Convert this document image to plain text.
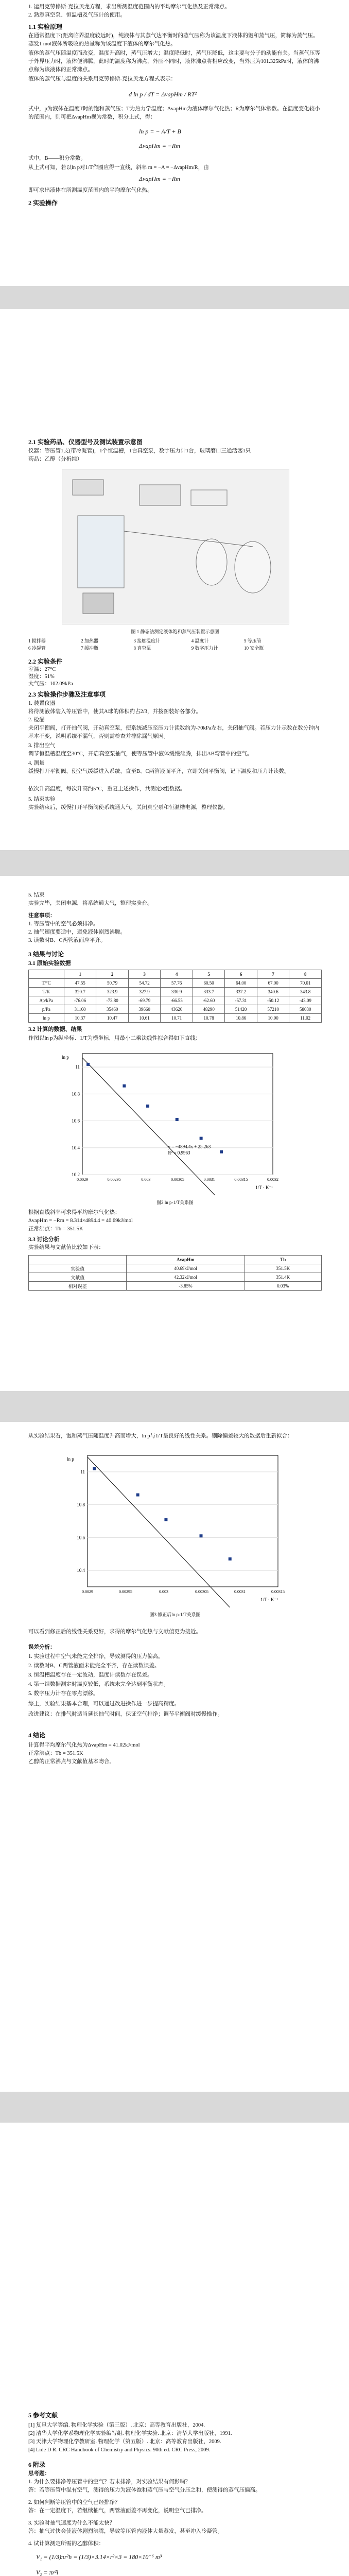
1. 运用克劳修斯-克拉贝龙方程，求出所测温度范围内的平均摩尔气化热及正常沸点。
2. 熟悉真空泵、恒温槽及气压计的使用。
1.1 实验原理
在通常温度下(距离临界温度较远时)，纯液体与其蒸气达平衡时的蒸气压称为该温度下液体的饱和蒸气压，简称为蒸气压。蒸发1 mol液体所吸收的热量称为该温度下液体的摩尔气化热。
液体的蒸气压随温度而改变，温度升高时，蒸气压增大；温度降低时，蒸气压降低，这主要与分子的动能有关。当蒸气压等于外界压力时，液体便沸腾，此时的温度称为沸点，外压不同时，液体沸点将相应改变，当外压为101.325kPa时，液体的沸点称为该液体的正常沸点。
液体的蒸气压与温度的关系用克劳修斯-克拉贝龙方程式表示：
d ln p / dT = ΔvapHm / RT²
式中，p为液体在温度T时的饱和蒸气压；T为热力学温度；ΔvapHm为液体摩尔气化热；R为摩尔气体常数。在温度变化较小的范围内，则可把ΔvapHm视为常数，积分上式，得：
ln p = − A/T + B
ΔvapHm = −Rm
式中，B——积分常数。
从上式可知，若以ln p对1/T作图应得一直线，斜率 m = −A = −ΔvapHm/R，由
ΔvapHm = −Rm
即可求出液体在所测温度范围内的平均摩尔气化热。
2 实验操作
2.1 实验药品、仪器型号及测试装置示意图
仪器：等压管1支(带冷凝管)，1个恒温槽，1台真空泵，数字压力计1台，玻璃磨口三通活塞1只
药品：乙醇（分析纯）
图 1 静态法测定液体饱和蒸气压装置示意图
1 搅拌器	2 加热器	3 接触温度计	4 温度计	5 等压管
6 冷凝管	7 缓冲瓶	8 真空泵	9 数字压力计	10 安全瓶
2.2 实验条件
室温：27°C
湿度：51%
大气压：102.09kPa
2.3 实验操作步骤及注意事项
1. 装置仪器
将待测液体装入等压管中，使其A球的体积约占2/3，并按图装好各部分。
2. 检漏
关闭平衡阀，打开抽气阀，开动真空泵，使系统减压至压力计读数约为-70kPa左右，关闭抽气阀。若压力计示数在数分钟内基本不变，说明系统不漏气，否则需检查并排除漏气原因。
3. 排出空气
调节恒温槽温度至30°C，开启真空泵抽气，使等压管中液体缓慢沸腾，排出AB弯管中的空气。
4. 测量
缓慢打开平衡阀，使空气缓缓进入系统，直至B、C两管液面平齐，立即关闭平衡阀，记下温度和压力计读数。
依次升高温度，每次升高约5°C，重复上述操作，共测定8组数据。
5. 结束实验
实验结束后，缓慢打开平衡阀使系统通大气，关闭真空泵和恒温槽电源，整理仪器。
5. 结束
实验完毕，关闭电源，将系统通大气，整理实验台。
注意事项：
1. 等压管中的空气必须排净。
2. 抽气速度要适中，避免液体剧烈沸腾。
3. 读数时B、C两管液面应平齐。
3 结果与讨论
3.1 原始实验数据
	1	2	3	4	5	6	7	8
T/°C	47.55	50.79	54.72	57.76	60.50	64.00	67.00	70.01
T/K	320.7	323.9	327.9	330.9	333.7	337.2	340.6	343.8
Δp/kPa	-76.06	-73.80	-69.79	-66.55	-62.60	-57.31	-50.12	-43.09
p/Pa	31160	35460	39660	43620	48290	51420	57210	58030
ln p	10.37	10.47	10.61	10.71	10.78	10.86	10.90	11.02
3.2 计算的数据、结果
作图以ln p为纵坐标、1/T为横坐标，用最小二乘法线性拟合得如下直线：
10.2
10.4
10.6
10.8
11
0.0029	0.00295	0.003	0.00305	0.0031	0.00315	0.0032
y = −4894.4x + 25.263
R² = 0.9963
1/T · K⁻¹
ln p
图2 ln p-1/T关系图
根据直线斜率可求得平均摩尔气化热：
ΔvapHm = −Rm = 8.314×4894.4 = 40.69kJ/mol
正常沸点：Tb = 351.5K
3.3 讨论分析
实验结果与文献值比较如下表：
	ΔvapHm	Tb
实验值	40.69kJ/mol	351.5K
文献值	42.32kJ/mol	351.4K
相对误差	-3.85%	0.03%
从实验结果看，饱和蒸气压随温度升高而增大，ln p与1/T呈良好的线性关系。剔除偏差较大的数据后重新拟合：
10.4
10.6
10.8
11
0.0029	0.00295	0.003	0.00305	0.0031	0.00315
1/T · K⁻¹
ln p
图3 修正后ln p-1/T关系图
可以看到修正后的线性关系更好，求得的摩尔气化热与文献值更为接近。
误差分析：
1. 实验过程中空气未能完全排净，导致测得的压力偏高。
2. 读数时B、C两管液面未能完全平齐，存在读数误差。
3. 恒温槽温度存在一定波动，温度计读数存在误差。
4. 第一组数据测定时温度较低，系统未完全达到平衡状态。
5. 数字压力计存在零点漂移。
综上，实验结果基本合理，可以通过改进操作进一步提高精度。
改进建议：在排气时适当延长抽气时间，保证空气排净；调节平衡阀时缓慢操作。
4 结论
计算得平均摩尔气化热为ΔvapHm = 41.02kJ/mol
正常沸点：Tb = 351.5K
乙醇的正常沸点与文献值基本吻合。
5 参考文献
[1] 复旦大学等编. 物理化学实验（第三版）. 北京：高等教育出版社，2004.
[2] 清华大学化学系物理化学实验编写组. 物理化学实验. 北京：清华大学出版社，1991.
[3] 天津大学物理化学教研室. 物理化学（第五版）. 北京：高等教育出版社，2009.
[4] Lide D R. CRC Handbook of Chemistry and Physics. 90th ed. CRC Press, 2009.
6 附录
思考题：
1. 为什么要排净等压管中的空气？若未排净，对实验结果有何影响？
答：若等压管中混有空气，测得的压力为液体饱和蒸气压与空气分压之和，使测得的蒸气压偏高。
2. 如何判断等压管中的空气已经排净？
答：在一定温度下，若继续抽气，两管液面差不再变化，说明空气已排净。
3. 实验时抽气速度为什么不能太快？
答：抽气过快会使液体剧烈沸腾，导致等压管内液体大量蒸发，甚至冲入冷凝管。
4. 试计算测定所需的乙醇体积：
V₁ = (1/3)πr²h = (1/3)×3.14×r²×3 = 180×10⁻⁶ m³
V₂ = πr²l
